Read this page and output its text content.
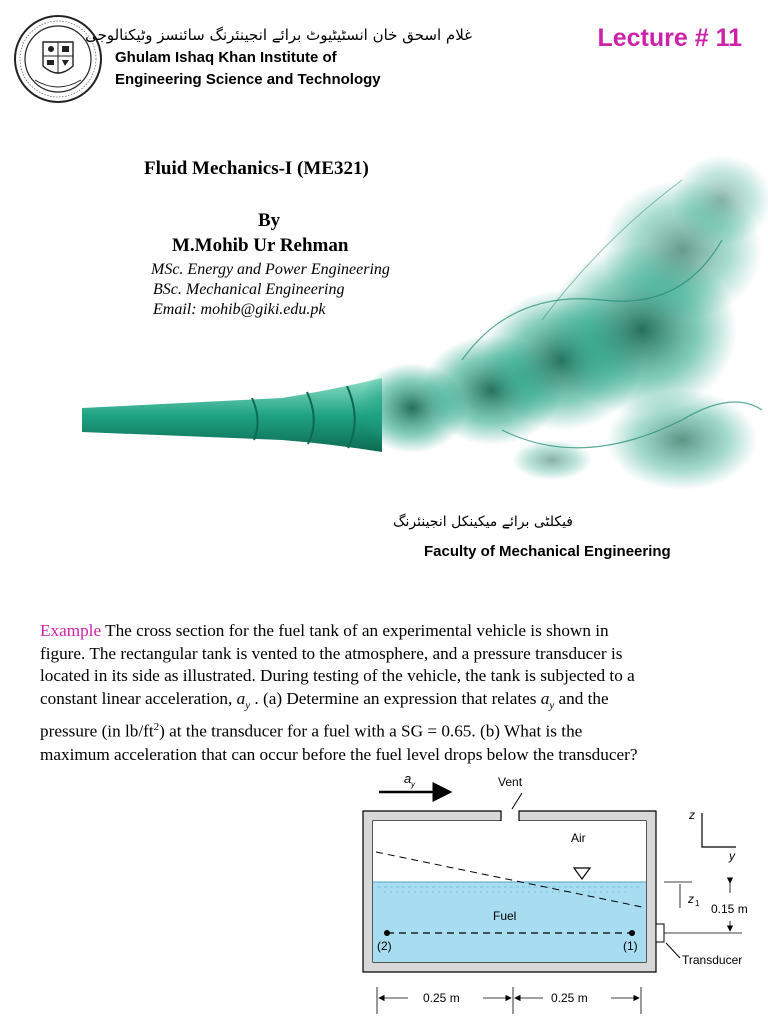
غلام اسحق خان انسٹیٹیوٹ برائے انجینئرنگ سائنسز وٹیکنالوجی
Ghulam Ishaq Khan Institute of
Engineering Science and Technology
Lecture # 11
Fluid Mechanics-I (ME321)
By
M.Mohib Ur Rehman
MSc. Energy and Power Engineering
BSc. Mechanical Engineering
Email: mohib@giki.edu.pk
فیکلٹی برائے میکینکل انجینئرنگ
Faculty of Mechanical Engineering
Example The cross section for the fuel tank of an experimental vehicle is shown in
figure. The rectangular tank is vented to the atmosphere, and a pressure transducer is
located in its side as illustrated. During testing of the vehicle, the tank is subjected to a
constant linear acceleration, $a_y$ . (a) Determine an expression that relates $a_y$ and the
pressure (in $lb/ft^2$) at the transducer for a fuel with a SG = 0.65. (b) What is the
maximum acceleration that can occur before the fuel level drops below the transducer?
a y	Vent
Air
Fuel
(2)	(1)
Transducer
z
y
z 1 0.15 m
0.25 m	0.25 m
